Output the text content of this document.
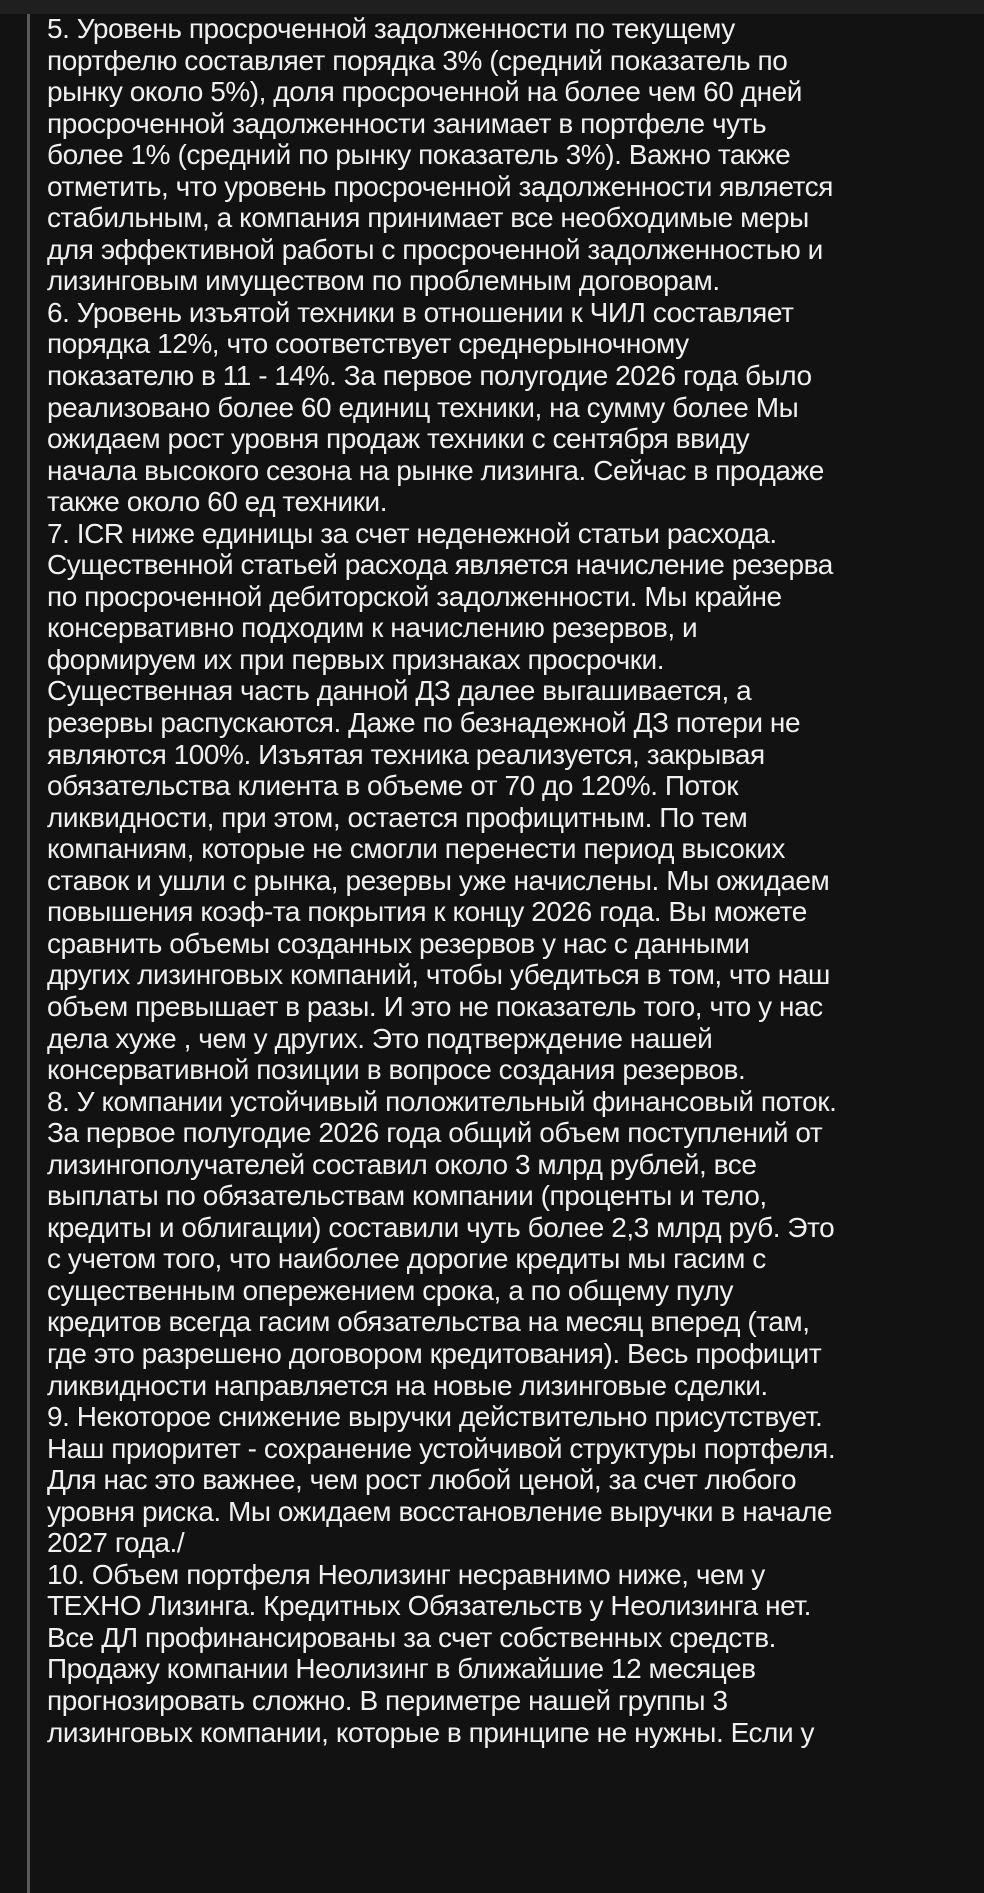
5. Уровень просроченной задолженности по текущему
портфелю составляет порядка 3% (средний показатель по
рынку около 5%), доля просроченной на более чем 60 дней
просроченной задолженности занимает в портфеле чуть
более 1% (средний по рынку показатель 3%). Важно также
отметить, что уровень просроченной задолженности является
стабильным, а компания принимает все необходимые меры
для эффективной работы с просроченной задолженностью и
лизинговым имуществом по проблемным договорам.
6. Уровень изъятой техники в отношении к ЧИЛ составляет
порядка 12%, что соответствует среднерыночному
показателю в 11 - 14%. За первое полугодие 2026 года было
реализовано более 60 единиц техники, на сумму более Мы
ожидаем рост уровня продаж техники с сентября ввиду
начала высокого сезона на рынке лизинга. Сейчас в продаже
также около 60 ед техники.
7. ICR ниже единицы за счет неденежной статьи расхода.
Существенной статьей расхода является начисление резерва
по просроченной дебиторской задолженности. Мы крайне
консервативно подходим к начислению резервов, и
формируем их при первых признаках просрочки.
Существенная часть данной ДЗ далее выгашивается, а
резервы распускаются. Даже по безнадежной ДЗ потери не
являются 100%. Изъятая техника реализуется, закрывая
обязательства клиента в объеме от 70 до 120%. Поток
ликвидности, при этом, остается профицитным. По тем
компаниям, которые не смогли перенести период высоких
ставок и ушли с рынка, резервы уже начислены. Мы ожидаем
повышения коэф-та покрытия к концу 2026 года. Вы можете
сравнить объемы созданных резервов у нас с данными
других лизинговых компаний, чтобы убедиться в том, что наш
объем превышает в разы. И это не показатель того, что у нас
дела хуже , чем у других. Это подтверждение нашей
консервативной позиции в вопросе создания резервов.
8. У компании устойчивый положительный финансовый поток.
За первое полугодие 2026 года общий объем поступлений от
лизингополучателей составил около 3 млрд рублей, все
выплаты по обязательствам компании (проценты и тело,
кредиты и облигации) составили чуть более 2,3 млрд руб. Это
с учетом того, что наиболее дорогие кредиты мы гасим с
существенным опережением срока, а по общему пулу
кредитов всегда гасим обязательства на месяц вперед (там,
где это разрешено договором кредитования). Весь профицит
ликвидности направляется на новые лизинговые сделки.
9. Некоторое снижение выручки действительно присутствует.
Наш приоритет - сохранение устойчивой структуры портфеля.
Для нас это важнее, чем рост любой ценой, за счет любого
уровня риска. Мы ожидаем восстановление выручки в начале
2027 года./
10. Объем портфеля Неолизинг несравнимо ниже, чем у
ТЕХНО Лизинга. Кредитных Обязательств у Неолизинга нет.
Все ДЛ профинансированы за счет собственных средств.
Продажу компании Неолизинг в ближайшие 12 месяцев
прогнозировать сложно. В периметре нашей группы 3
лизинговых компании, которые в принципе не нужны. Если у
